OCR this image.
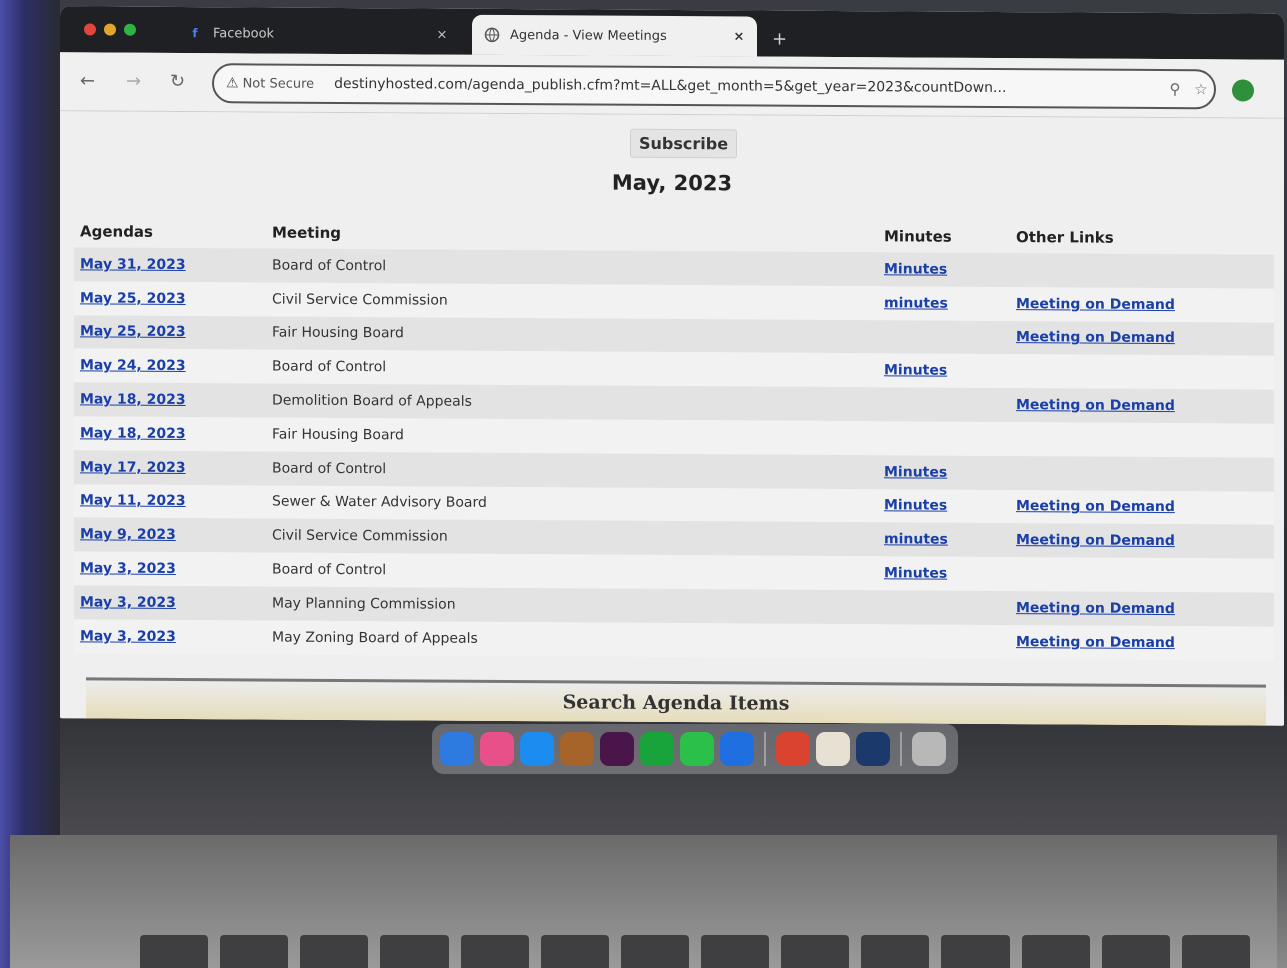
f	Facebook	×	Agenda - View Meetings	× +
← → ↻	⚠ Not Secure destinyhosted.com/agenda_publish.cfm?mt=ALL&get_month=5&get_year=2023&countDown...	⚲ ☆
Subscribe
May, 2023
Agendas	Meeting	Minutes	Other Links
May 31, 2023	Board of Control	Minutes	
May 25, 2023	Civil Service Commission	minutes	Meeting on Demand
May 25, 2023	Fair Housing Board		Meeting on Demand
May 24, 2023	Board of Control	Minutes	
May 18, 2023	Demolition Board of Appeals		Meeting on Demand
May 18, 2023	Fair Housing Board		
May 17, 2023	Board of Control	Minutes	
May 11, 2023	Sewer & Water Advisory Board	Minutes	Meeting on Demand
May 9, 2023	Civil Service Commission	minutes	Meeting on Demand
May 3, 2023	Board of Control	Minutes	
May 3, 2023	May Planning Commission		Meeting on Demand
May 3, 2023	May Zoning Board of Appeals		Meeting on Demand
Search Agenda Items
